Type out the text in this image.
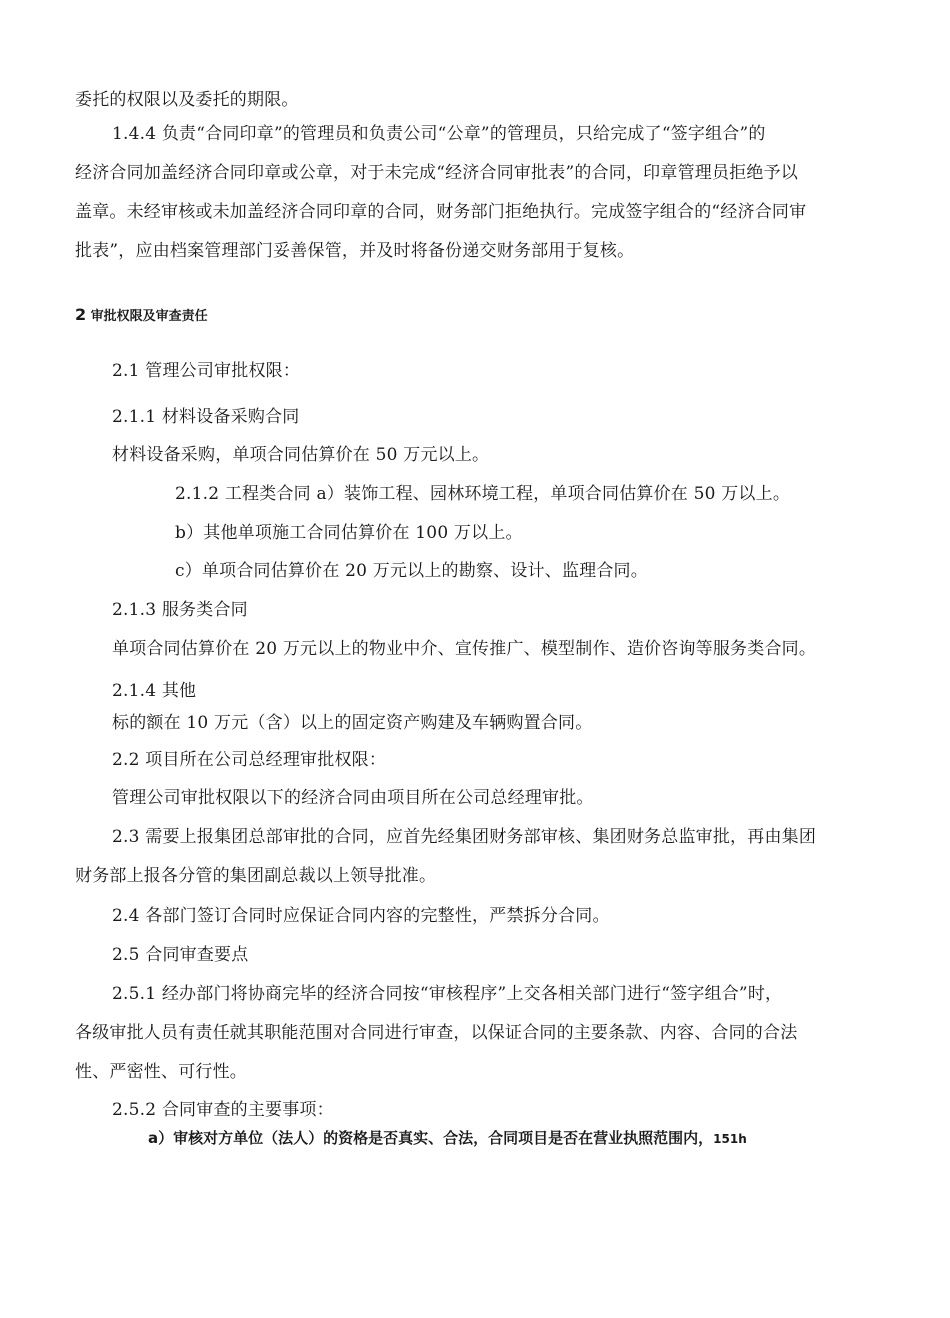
委托的权限以及委托的期限。
1.4.4 负责“合同印章”的管理员和负责公司“公章”的管理员，只给完成了“签字组合”的
经济合同加盖经济合同印章或公章，对于未完成“经济合同审批表”的合同，印章管理员拒绝予以
盖章。未经审核或未加盖经济合同印章的合同，财务部门拒绝执行。完成签字组合的“经济合同审
批表”，应由档案管理部门妥善保管，并及时将备份递交财务部用于复核。
2 审批权限及审查责任
2.1 管理公司审批权限：
2.1.1 材料设备采购合同
材料设备采购，单项合同估算价在 50 万元以上。
2.1.2 工程类合同 a）装饰工程、园林环境工程，单项合同估算价在 50 万以上。
b）其他单项施工合同估算价在 100 万以上。
c）单项合同估算价在 20 万元以上的勘察、设计、监理合同。
2.1.3 服务类合同
单项合同估算价在 20 万元以上的物业中介、宣传推广、模型制作、造价咨询等服务类合同。
2.1.4 其他
标的额在 10 万元（含）以上的固定资产购建及车辆购置合同。
2.2 项目所在公司总经理审批权限：
管理公司审批权限以下的经济合同由项目所在公司总经理审批。
2.3 需要上报集团总部审批的合同，应首先经集团财务部审核、集团财务总监审批，再由集团
财务部上报各分管的集团副总裁以上领导批准。
2.4 各部门签订合同时应保证合同内容的完整性，严禁拆分合同。
2.5 合同审查要点
2.5.1 经办部门将协商完毕的经济合同按“审核程序”上交各相关部门进行“签字组合”时，
各级审批人员有责任就其职能范围对合同进行审查，以保证合同的主要条款、内容、合同的合法
性、严密性、可行性。
2.5.2 合同审查的主要事项：
a）审核对方单位（法人）的资格是否真实、合法，合同项目是否在营业执照范围内，151h
